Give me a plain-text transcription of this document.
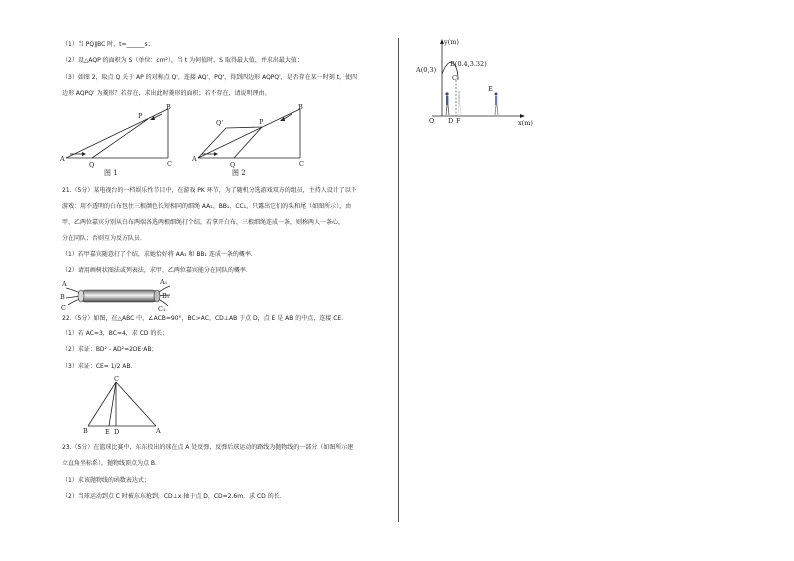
（1）当 PQ∥BC 时，t=______s；
（2）设△AQP 的面积为 S（单位：cm²），当 t 为何值时，S 取得最大值，并求出最大值；
（3）如图 2，取点 Q 关于 AP 的对称点 Q'，连接 AQ'，PQ'，得到四边形 AQPQ'，是否存在某一时刻 t，使四
边形 AQPQ' 为菱形？若存在，求出此时菱形的面积；若不存在，请说明理由。
A
Q	C
B
P
图 1
A
Q
Q'	P
C
B
图 2
21.（5分）某电视台的一档娱乐性节目中，在游戏 PK 环节，为了随机分选游戏双方的组员，主持人设计了以下
游戏：用不透明的白布包住三根颜色长短相同的细绳 AA₁、BB₁、CC₁，只露出它们的头和尾（如图所示），由
甲、乙两位嘉宾分别从白布两端各选两根细绳打个结，若拿开白布，三根细绳连成一条，则称两人一条心，
分在同队；否则互为反方队员．
（1）若甲嘉宾随意打了个结，求她恰好将 AA₁ 和 BB₁ 连成一条的概率．
（2）请用画树状图法或列表法，求甲、乙两位嘉宾能分在同队的概率．
A
B
C
A₁
B₁
C₁
22.（5分）如图，在△ABC 中，∠ACB=90°，BC>AC，CD⊥AB 于点 D，点 E 是 AB 的中点，连接 CE．
（1）若 AC=3，BC=4，求 CD 的长；
（2）求证：BD² - AD²=2DE·AB；
（3）求证：CE= 1/2 AB．
C
B	E D	A
23.（5分）在篮球比赛中，东东投出的球在点 A 处反弹，反弹后球运动的路线为抛物线的一部分（如图所示建
立直角坐标系），抛物线顶点为点 B．
（1）求该抛物线的函数表达式；
（2）当球运动到点 C 时被东东抢到，CD⊥x 轴于点 D，CD=2.6m．求 CD 的长．
y(m)
x(m)
A(0,3)
B(0.4,3.32)
C
E
O D F
